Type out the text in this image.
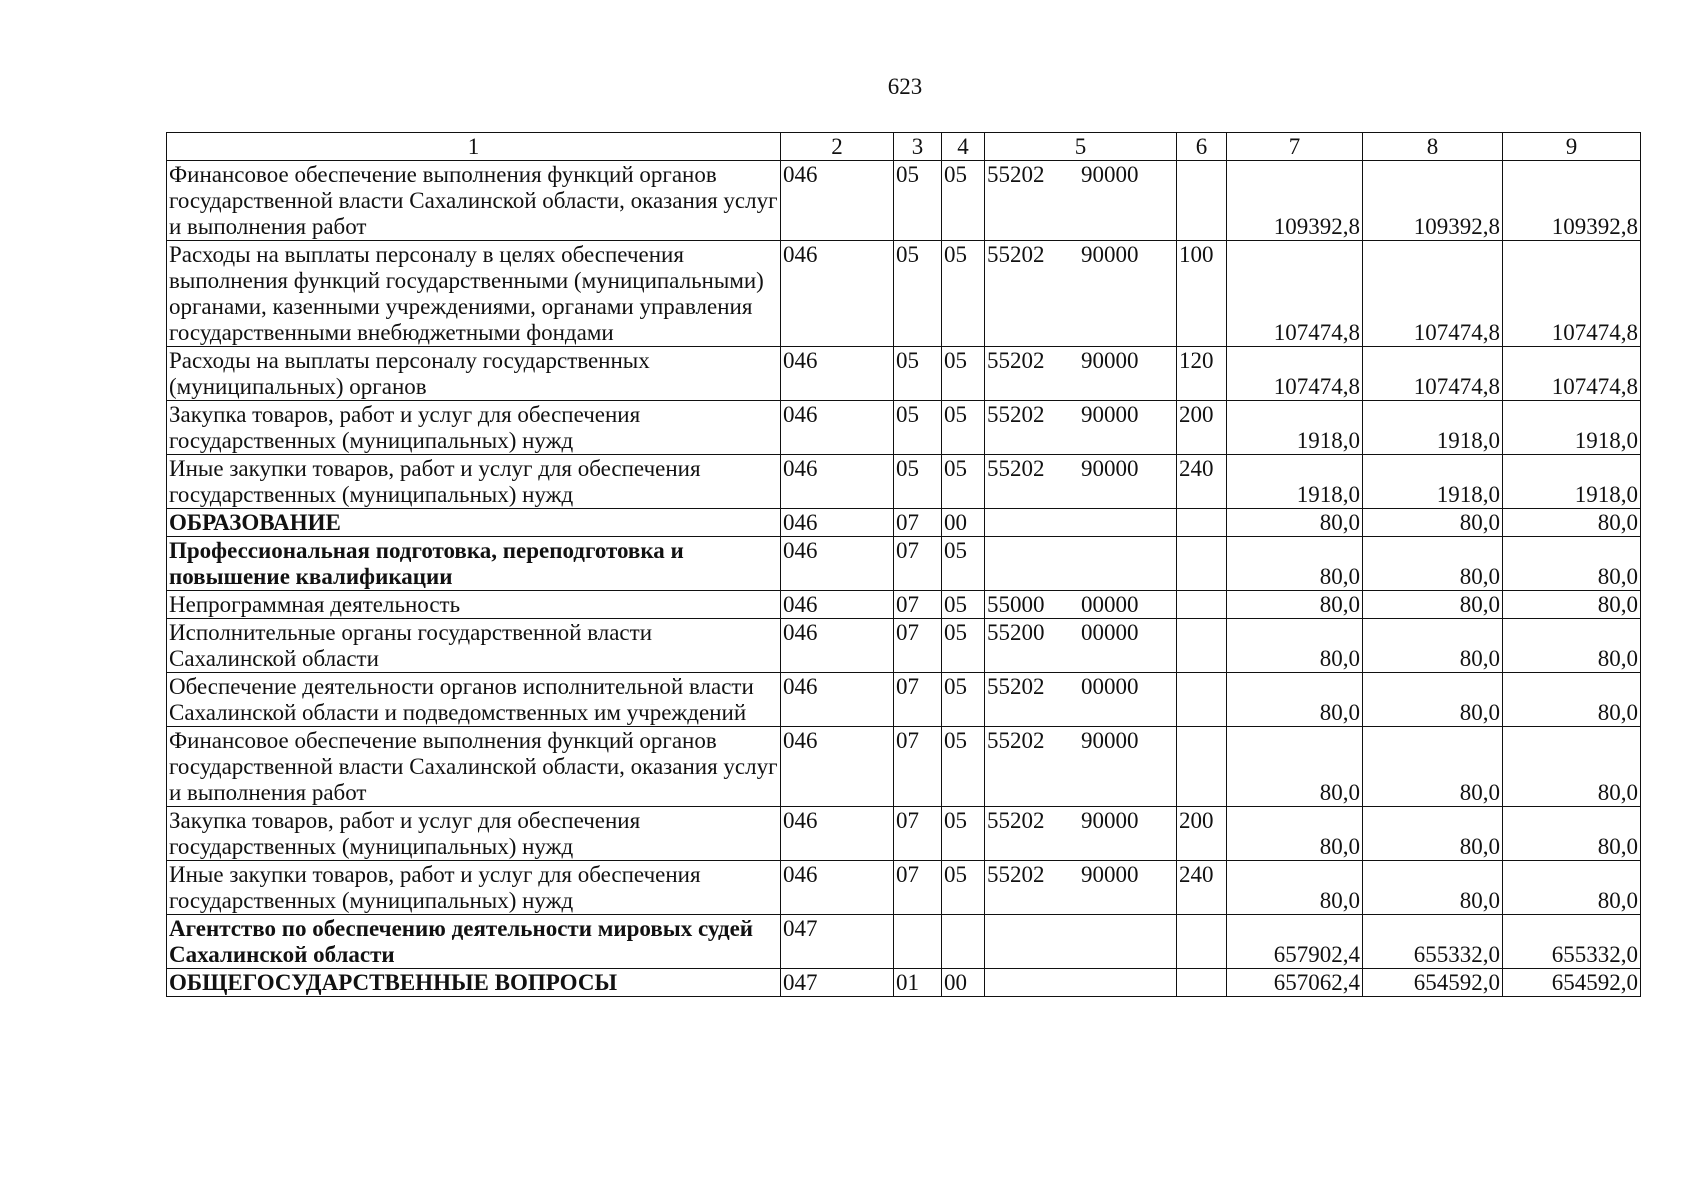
623
1	2	3	4	5	6	7	8	9
Финансовое обеспечение выполнения функций органов государственной власти Сахалинской области, оказания услуг и выполнения работ	046	05	05	55202 90000		109392,8	109392,8	109392,8
Расходы на выплаты персоналу в целях обеспечения выполнения функций государственными (муниципальными) органами, казенными учреждениями, органами управления государственными внебюджетными фондами	046	05	05	55202 90000	100	107474,8	107474,8	107474,8
Расходы на выплаты персоналу государственных (муниципальных) органов	046	05	05	55202 90000	120	107474,8	107474,8	107474,8
Закупка товаров, работ и услуг для обеспечения государственных (муниципальных) нужд	046	05	05	55202 90000	200	1918,0	1918,0	1918,0
Иные закупки товаров, работ и услуг для обеспечения государственных (муниципальных) нужд	046	05	05	55202 90000	240	1918,0	1918,0	1918,0
ОБРАЗОВАНИЕ	046	07	00			80,0	80,0	80,0
Профессиональная подготовка, переподготовка и повышение квалификации	046	07	05			80,0	80,0	80,0
Непрограммная деятельность	046	07	05	55000 00000		80,0	80,0	80,0
Исполнительные органы государственной власти Сахалинской области	046	07	05	55200 00000		80,0	80,0	80,0
Обеспечение деятельности органов исполнительной власти Сахалинской области и подведомственных им учреждений	046	07	05	55202 00000		80,0	80,0	80,0
Финансовое обеспечение выполнения функций органов государственной власти Сахалинской области, оказания услуг и выполнения работ	046	07	05	55202 90000		80,0	80,0	80,0
Закупка товаров, работ и услуг для обеспечения государственных (муниципальных) нужд	046	07	05	55202 90000	200	80,0	80,0	80,0
Иные закупки товаров, работ и услуг для обеспечения государственных (муниципальных) нужд	046	07	05	55202 90000	240	80,0	80,0	80,0
Агентство по обеспечению деятельности мировых судей Сахалинской области	047					657902,4	655332,0	655332,0
ОБЩЕГОСУДАРСТВЕННЫЕ ВОПРОСЫ	047	01	00			657062,4	654592,0	654592,0
